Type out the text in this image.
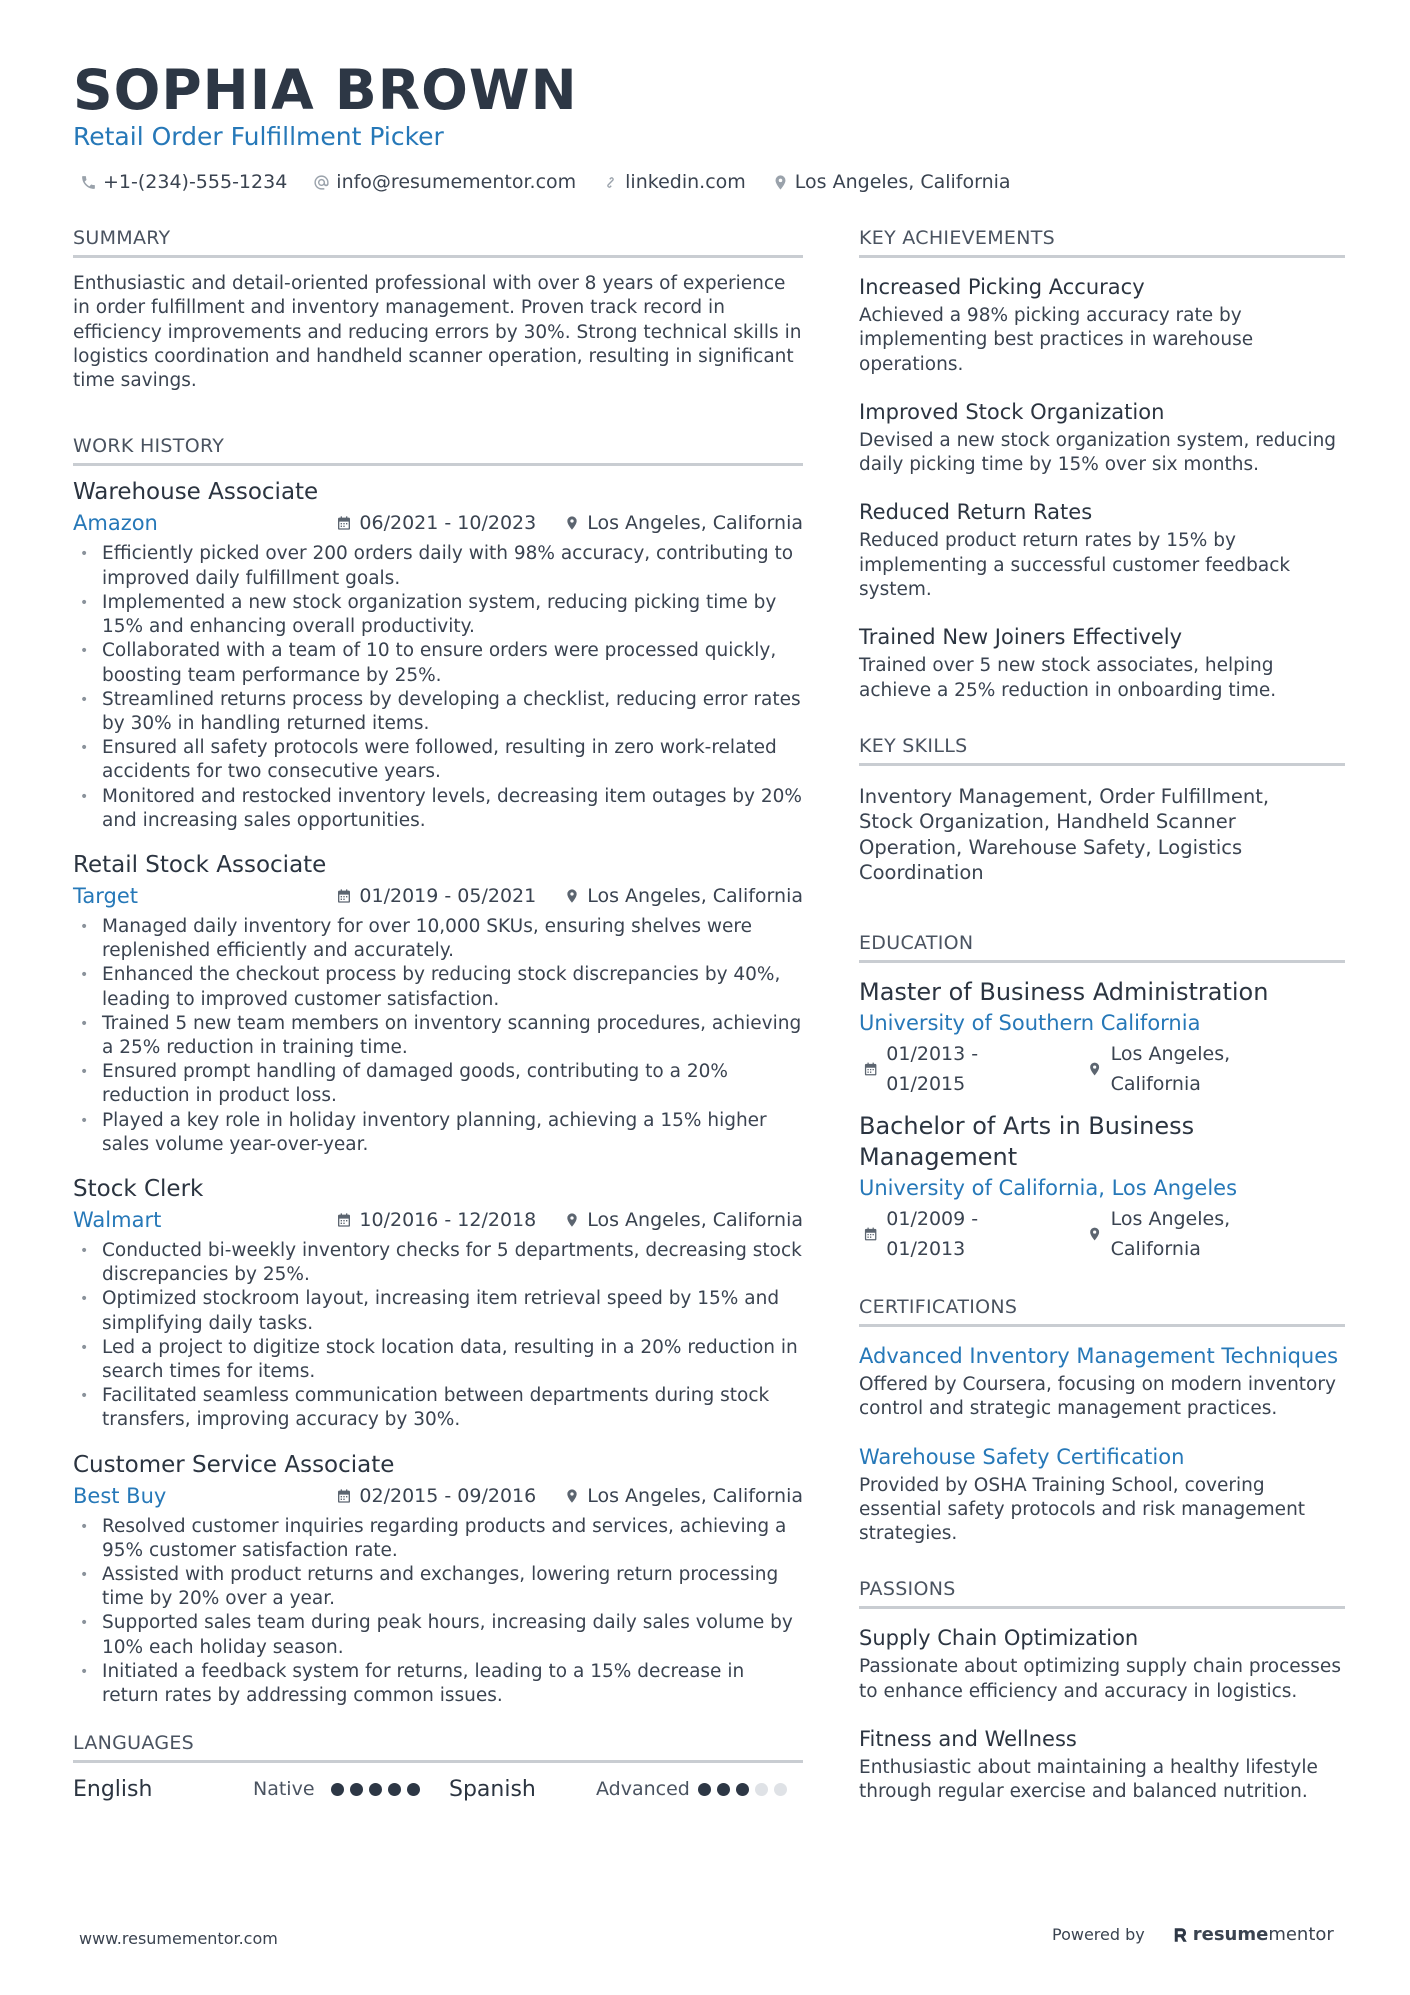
SOPHIA BROWN
Retail Order Fulfillment Picker
+1-(234)-555-1234	info@resumementor.com	linkedin.com	Los Angeles, California
SUMMARY
Enthusiastic and detail-oriented professional with over 8 years of experience in order fulfillment and inventory management. Proven track record in efficiency improvements and reducing errors by 30%. Strong technical skills in logistics coordination and handheld scanner operation, resulting in significant time savings.
WORK HISTORY
Warehouse Associate
Amazon	06/2021 - 10/2023	Los Angeles, California
• Efficiently picked over 200 orders daily with 98% accuracy, contributing to improved daily fulfillment goals.
• Implemented a new stock organization system, reducing picking time by 15% and enhancing overall productivity.
• Collaborated with a team of 10 to ensure orders were processed quickly, boosting team performance by 25%.
• Streamlined returns process by developing a checklist, reducing error rates by 30% in handling returned items.
• Ensured all safety protocols were followed, resulting in zero work-related accidents for two consecutive years.
• Monitored and restocked inventory levels, decreasing item outages by 20% and increasing sales opportunities.
Retail Stock Associate
Target	01/2019 - 05/2021	Los Angeles, California
• Managed daily inventory for over 10,000 SKUs, ensuring shelves were replenished efficiently and accurately.
• Enhanced the checkout process by reducing stock discrepancies by 40%, leading to improved customer satisfaction.
• Trained 5 new team members on inventory scanning procedures, achieving a 25% reduction in training time.
• Ensured prompt handling of damaged goods, contributing to a 20% reduction in product loss.
• Played a key role in holiday inventory planning, achieving a 15% higher sales volume year-over-year.
Stock Clerk
Walmart	10/2016 - 12/2018	Los Angeles, California
• Conducted bi-weekly inventory checks for 5 departments, decreasing stock discrepancies by 25%.
• Optimized stockroom layout, increasing item retrieval speed by 15% and simplifying daily tasks.
• Led a project to digitize stock location data, resulting in a 20% reduction in search times for items.
• Facilitated seamless communication between departments during stock transfers, improving accuracy by 30%.
Customer Service Associate
Best Buy	02/2015 - 09/2016	Los Angeles, California
• Resolved customer inquiries regarding products and services, achieving a 95% customer satisfaction rate.
• Assisted with product returns and exchanges, lowering return processing time by 20% over a year.
• Supported sales team during peak hours, increasing daily sales volume by 10% each holiday season.
• Initiated a feedback system for returns, leading to a 15% decrease in return rates by addressing common issues.
LANGUAGES
English	Native	Spanish	Advanced
KEY ACHIEVEMENTS
Increased Picking Accuracy
Achieved a 98% picking accuracy rate by implementing best practices in warehouse operations.
Improved Stock Organization
Devised a new stock organization system, reducing daily picking time by 15% over six months.
Reduced Return Rates
Reduced product return rates by 15% by implementing a successful customer feedback system.
Trained New Joiners Effectively
Trained over 5 new stock associates, helping achieve a 25% reduction in onboarding time.
KEY SKILLS
Inventory Management, Order Fulfillment, Stock Organization, Handheld Scanner Operation, Warehouse Safety, Logistics Coordination
EDUCATION
Master of Business Administration
University of Southern California
01/2013 - 01/2015
Los Angeles, California
Bachelor of Arts in Business Management
University of California, Los Angeles
01/2009 - 01/2013
Los Angeles, California
CERTIFICATIONS
Advanced Inventory Management Techniques
Offered by Coursera, focusing on modern inventory control and strategic management practices.
Warehouse Safety Certification
Provided by OSHA Training School, covering essential safety protocols and risk management strategies.
PASSIONS
Supply Chain Optimization
Passionate about optimizing supply chain processes to enhance efficiency and accuracy in logistics.
Fitness and Wellness
Enthusiastic about maintaining a healthy lifestyle through regular exercise and balanced nutrition.
www.resumementor.com	Powered by	resume mentor
